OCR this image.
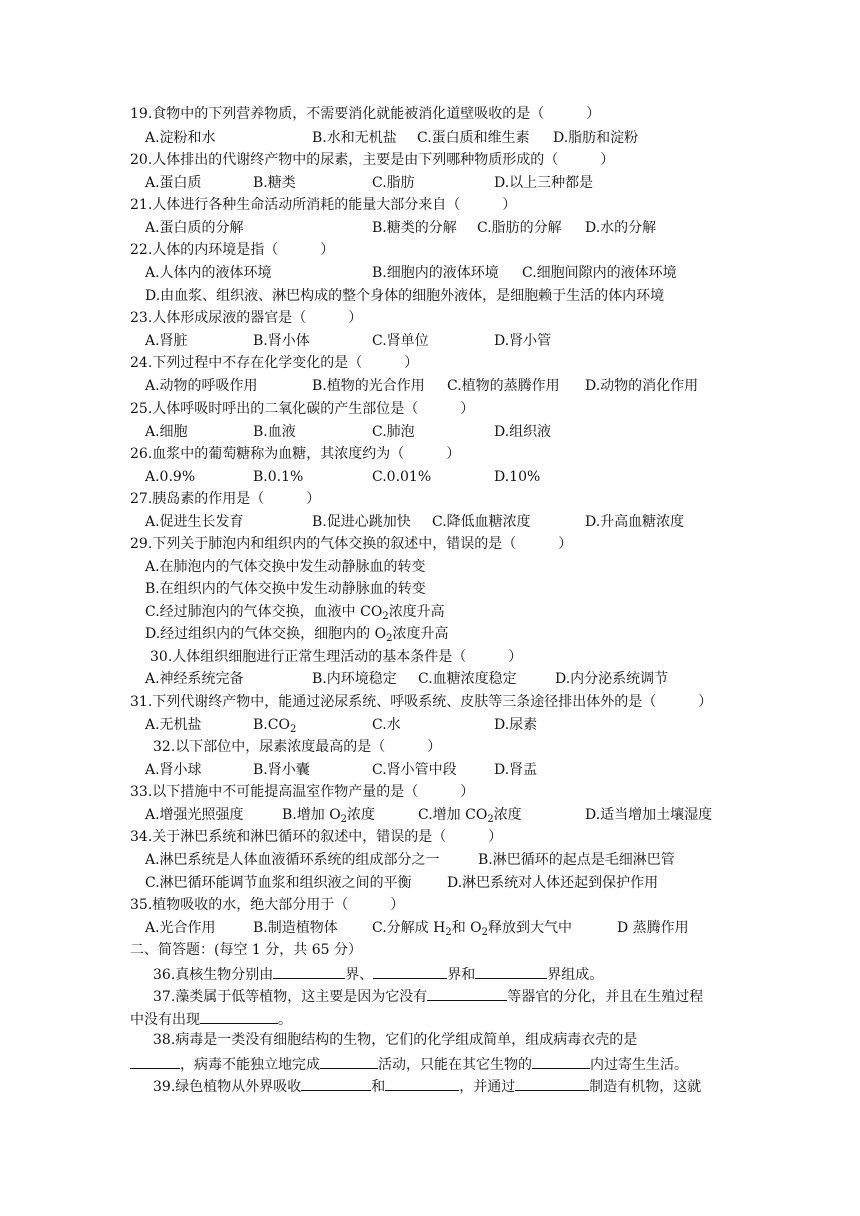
19.食物中的下列营养物质，不需要消化就能被消化道壁吸收的是（　　　）
A.淀粉和水	B.水和无机盐 C.蛋白质和维生素 D.脂肪和淀粉
20.人体排出的代谢终产物中的尿素，主要是由下列哪种物质形成的（　　　）
A.蛋白质	B.糖类	C.脂肪	D.以上三种都是
21.人体进行各种生命活动所消耗的能量大部分来自（　　　）
A.蛋白质的分解	B.糖类的分解 C.脂肪的分解 D.水的分解
22.人体的内环境是指（　　　）
A.人体内的液体环境	B.细胞内的液体环境 C.细胞间隙内的液体环境
D.由血浆、组织液、淋巴构成的整个身体的细胞外液体，是细胞赖于生活的体内环境
23.人体形成尿液的器官是（　　　）
A.肾脏	B.肾小体	C.肾单位	D.肾小管
24.下列过程中不存在化学变化的是（　　　）
A.动物的呼吸作用	B.植物的光合作用 C.植物的蒸腾作用 D.动物的消化作用
25.人体呼吸时呼出的二氧化碳的产生部位是（　　　）
A.细胞	B.血液	C.肺泡	D.组织液
26.血浆中的葡萄糖称为血糖，其浓度约为（　　　）
A.0.9%	B.0.1%	C.0.01%	D.10%
27.胰岛素的作用是（　　　）
A.促进生长发育	B.促进心跳加快 C.降低血糖浓度	D.升高血糖浓度
29.下列关于肺泡内和组织内的气体交换的叙述中，错误的是（　　　）
A.在肺泡内的气体交换中发生动静脉血的转变
B.在组织内的气体交换中发生动静脉血的转变
C.经过肺泡内的气体交换，血液中 $CO_2$浓度升高
D.经过组织内的气体交换，细胞内的 $O_2$浓度升高
30.人体组织细胞进行正常生理活动的基本条件是（　　　）
A.神经系统完备	B.内环境稳定 C.血糖浓度稳定	D.内分泌系统调节
31.下列代谢终产物中，能通过泌尿系统、呼吸系统、皮肤等三条途径排出体外的是（　　　）
A.无机盐	$B.CO_2$	C.水	D.尿素
32.以下部位中，尿素浓度最高的是（　　　）
A.肾小球	B.肾小囊	C.肾小管中段	D.肾盂
33.以下措施中不可能提高温室作物产量的是（　　　）
A.增强光照强度	B.增加 $O_2$浓度	C.增加 $CO_2$浓度	D.适当增加土壤湿度
34.关于淋巴系统和淋巴循环的叙述中，错误的是（　　　）
A.淋巴系统是人体血液循环系统的组成部分之一	B.淋巴循环的起点是毛细淋巴管
C.淋巴循环能调节血浆和组织液之间的平衡	D.淋巴系统对人体还起到保护作用
35.植物吸收的水，绝大部分用于（　　　）
A.光合作用	B.制造植物体 C.分解成 $H_2$和 $O_2$释放到大气中	D 蒸腾作用
二、简答题：(每空 1 分，共 65 分）
36.真核生物分别由	界、	界和	界组成。
37.藻类属于低等植物，这主要是因为它没有	等器官的分化，并且在生殖过程
中没有出现	。
38.病毒是一类没有细胞结构的生物，它们的化学组成简单，组成病毒衣壳的是
，病毒不能独立地完成	活动，只能在其它生物的	内过寄生生活。
39.绿色植物从外界吸收	和	，并通过	制造有机物，这就
